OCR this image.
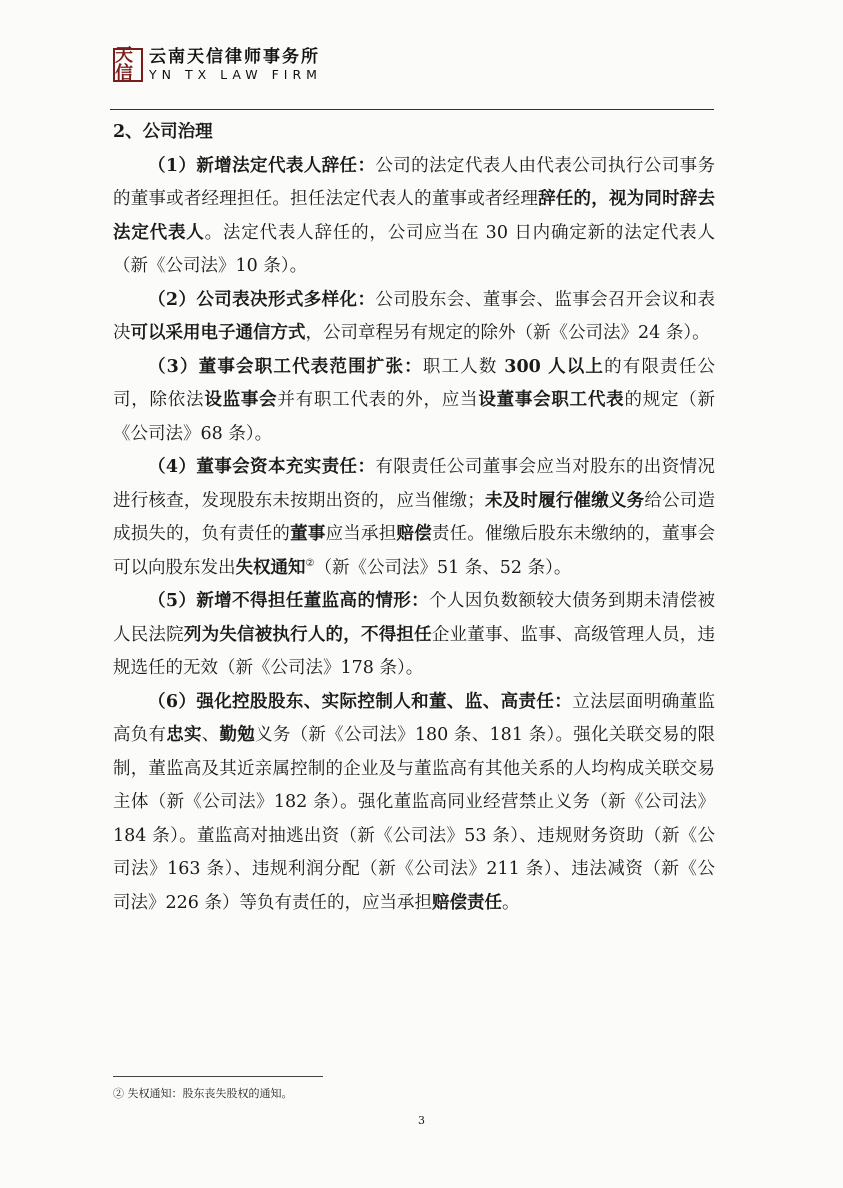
天信
云南天信律师事务所
YN TX LAW FIRM
2、公司治理
（1）新增法定代表人辞任：公司的法定代表人由代表公司执行公司事务的董事或者经理担任。担任法定代表人的董事或者经理辞任的，视为同时辞去法定代表人。法定代表人辞任的，公司应当在 30 日内确定新的法定代表人（新《公司法》10 条）。
（2）公司表决形式多样化：公司股东会、董事会、监事会召开会议和表决可以采用电子通信方式，公司章程另有规定的除外（新《公司法》24 条）。
（3）董事会职工代表范围扩张：职工人数 300 人以上的有限责任公司，除依法设监事会并有职工代表的外，应当设董事会职工代表的规定（新《公司法》68 条）。
（4）董事会资本充实责任：有限责任公司董事会应当对股东的出资情况进行核查，发现股东未按期出资的，应当催缴；未及时履行催缴义务给公司造成损失的，负有责任的董事应当承担赔偿责任。催缴后股东未缴纳的，董事会可以向股东发出失权通知②（新《公司法》51 条、52 条）。
（5）新增不得担任董监高的情形：个人因负数额较大债务到期未清偿被人民法院列为失信被执行人的，不得担任企业董事、监事、高级管理人员，违规选任的无效（新《公司法》178 条）。
（6）强化控股股东、实际控制人和董、监、高责任：立法层面明确董监高负有忠实、勤勉义务（新《公司法》180 条、181 条）。强化关联交易的限制，董监高及其近亲属控制的企业及与董监高有其他关系的人均构成关联交易主体（新《公司法》182 条）。强化董监高同业经营禁止义务（新《公司法》184 条）。董监高对抽逃出资（新《公司法》53 条）、违规财务资助（新《公司法》163 条）、违规利润分配（新《公司法》211 条）、违法减资（新《公司法》226 条）等负有责任的，应当承担赔偿责任。
② 失权通知：股东丧失股权的通知。
3
